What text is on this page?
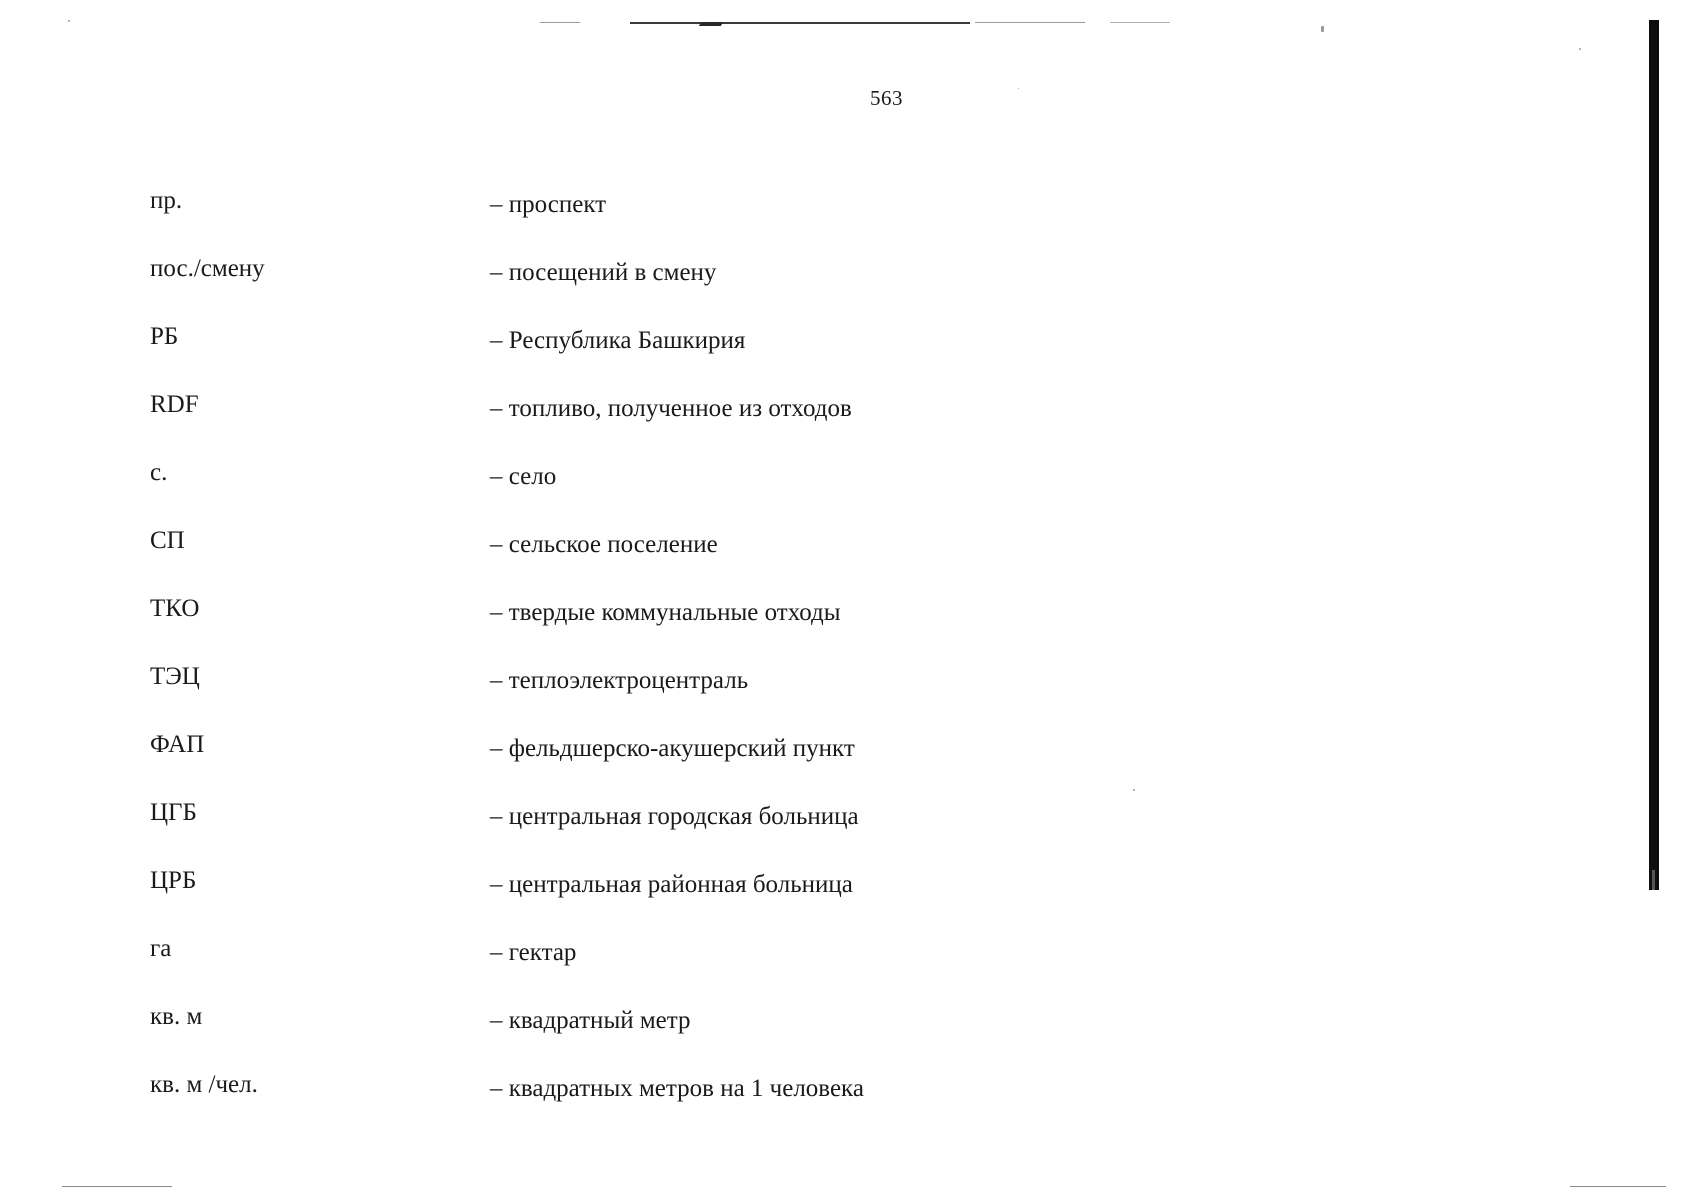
563
пр.	– проспект
пос./смену	– посещений в смену
РБ	– Республика Башкирия
RDF	– топливо, полученное из отходов
с.	– село
СП	– сельское поселение
ТКО	– твердые коммунальные отходы
ТЭЦ	– теплоэлектроцентраль
ФАП	– фельдшерско-акушерский пункт
ЦГБ	– центральная городская больница
ЦРБ	– центральная районная больница
га	– гектар
кв. м	– квадратный метр
кв. м /чел.	– квадратных метров на 1 человека
